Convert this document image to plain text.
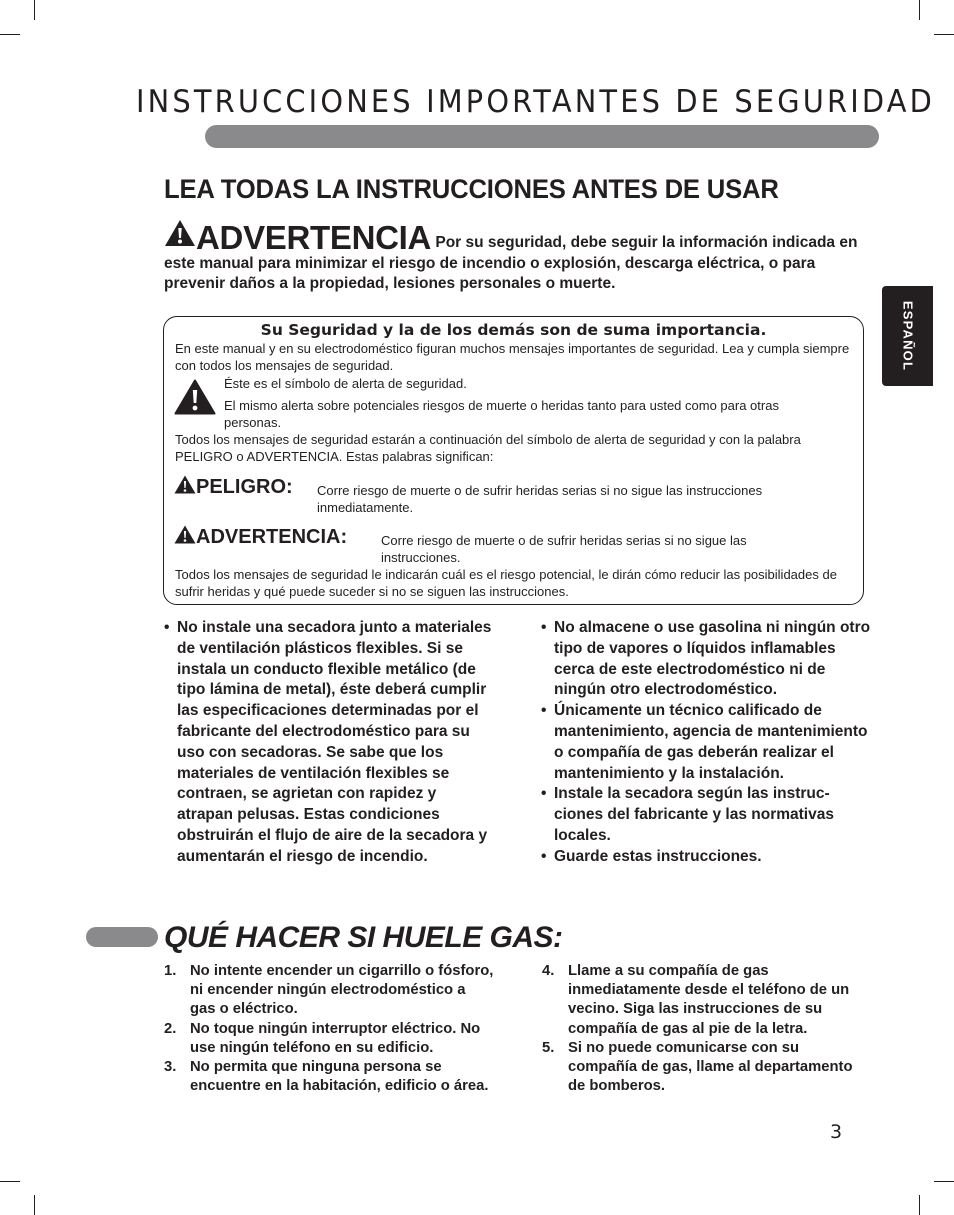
INSTRUCCIONES IMPORTANTES DE SEGURIDAD
ESPAÑOL
LEA TODAS LA INSTRUCCIONES ANTES DE USAR
ADVERTENCIA Por su seguridad, debe seguir la información indicada en este manual para minimizar el riesgo de incendio o explosión, descarga eléctrica, o para prevenir daños a la propiedad, lesiones personales o muerte.
Su Seguridad y la de los demás son de suma importancia.
En este manual y en su electrodoméstico figuran muchos mensajes importantes de seguridad. Lea y cumpla siempre con todos los mensajes de seguridad.
Éste es el símbolo de alerta de seguridad.
El mismo alerta sobre potenciales riesgos de muerte o heridas tanto para usted como para otras personas.
Todos los mensajes de seguridad estarán a continuación del símbolo de alerta de seguridad y con la palabra PELIGRO o ADVERTENCIA. Estas palabras significan:
PELIGRO: Corre riesgo de muerte o de sufrir heridas serias si no sigue las instrucciones inmediatamente.
ADVERTENCIA:	Corre riesgo de muerte o de sufrir heridas serias si no sigue las instrucciones.
Todos los mensajes de seguridad le indicarán cuál es el riesgo potencial, le dirán cómo reducir las posibilidades de sufrir heridas y qué puede suceder si no se siguen las instrucciones.
• No instale una secadora junto a materiales de ventilación plásticos flexibles. Si se instala un conducto flexible metálico (de tipo lámina de metal), éste deberá cumplir las especificaciones determinadas por el fabricante del electrodoméstico para su uso con secadoras. Se sabe que los materiales de ventilación flexibles se contraen, se agrietan con rapidez y atrapan pelusas. Estas condiciones obstruirán el flujo de aire de la secadora y aumentarán el riesgo de incendio.
• No almacene o use gasolina ni ningún otro tipo de vapores o líquidos inflamables cerca de este electrodoméstico ni de ningún otro electrodoméstico.
• Únicamente un técnico calificado de mantenimiento, agencia de mantenimiento o compañía de gas deberán realizar el mantenimiento y la instalación.
• Instale la secadora según las instrucciones del fabricante y las normativas locales.
• Guarde estas instrucciones.
QUÉ HACER SI HUELE GAS:
1. No intente encender un cigarrillo o fósforo, ni encender ningún electrodoméstico a gas o eléctrico.
2. No toque ningún interruptor eléctrico. No use ningún teléfono en su edificio.
3. No permita que ninguna persona se encuentre en la habitación, edificio o área.
4. Llame a su compañía de gas inmediatamente desde el teléfono de un vecino. Siga las instrucciones de su compañía de gas al pie de la letra.
5. Si no puede comunicarse con su compañía de gas, llame al departamento de bomberos.
3
